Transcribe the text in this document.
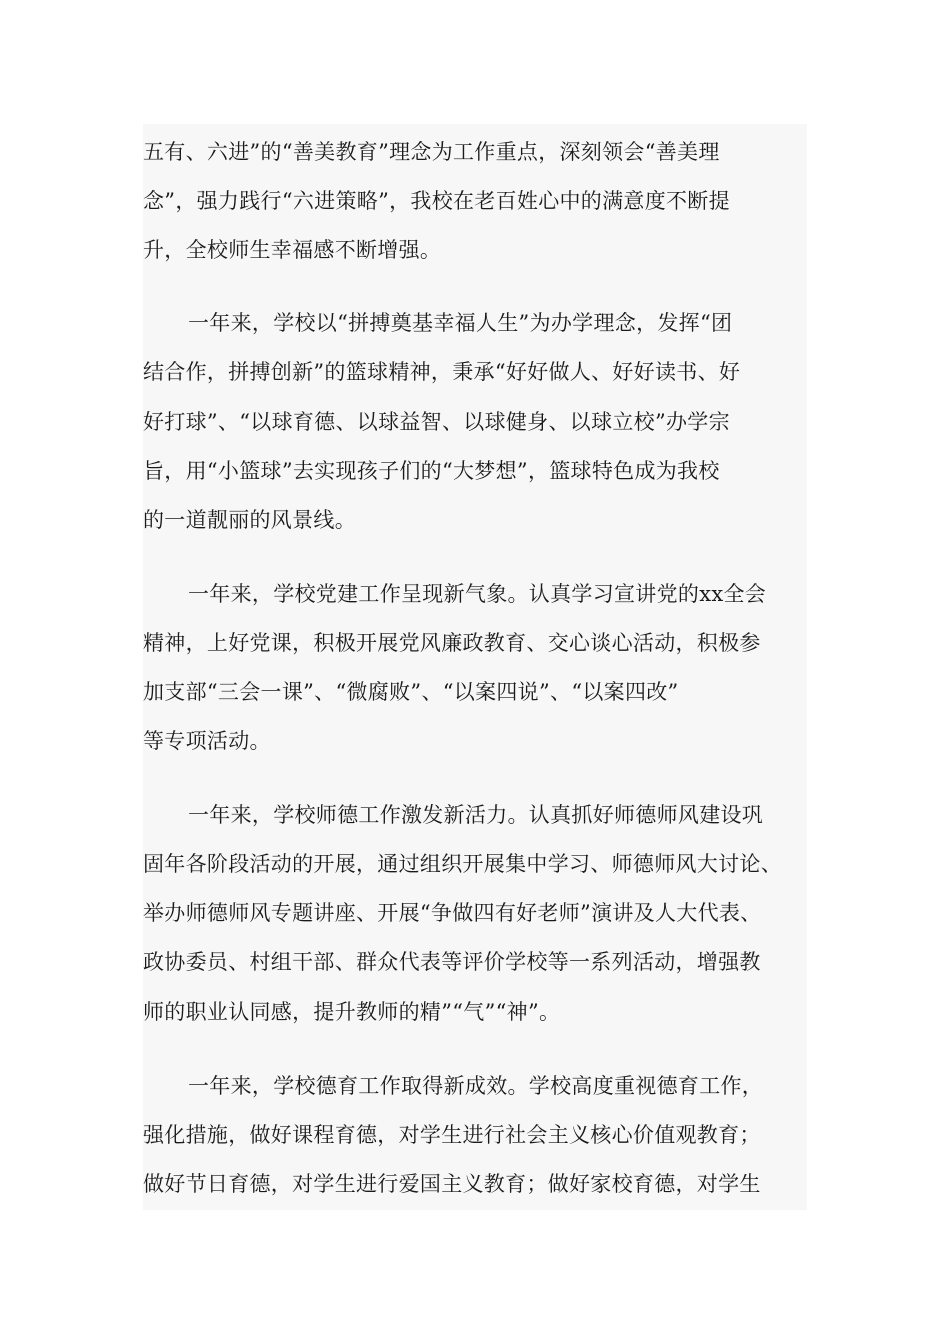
五有、六进”的“善美教育”理念为工作重点，深刻领会“善美理
念”，强力践行“六进策略”，我校在老百姓心中的满意度不断提
升，全校师生幸福感不断增强。
一年来，学校以“拼搏奠基幸福人生”为办学理念，发挥“团
结合作，拼搏创新”的篮球精神，秉承“好好做人、好好读书、好
好打球”、“以球育德、以球益智、以球健身、以球立校”办学宗
旨，用“小篮球”去实现孩子们的“大梦想”，篮球特色成为我校
的一道靓丽的风景线。
一年来，学校党建工作呈现新气象。认真学习宣讲党的xx全会
精神，上好党课，积极开展党风廉政教育、交心谈心活动，积极参
加支部“三会一课”、“微腐败”、“以案四说”、“以案四改”
等专项活动。
一年来，学校师德工作激发新活力。认真抓好师德师风建设巩
固年各阶段活动的开展，通过组织开展集中学习、师德师风大讨论、
举办师德师风专题讲座、开展“争做四有好老师”演讲及人大代表、
政协委员、村组干部、群众代表等评价学校等一系列活动，增强教
师的职业认同感，提升教师的精”“气”“神”。
一年来，学校德育工作取得新成效。学校高度重视德育工作，
强化措施，做好课程育德，对学生进行社会主义核心价值观教育；
做好节日育德，对学生进行爱国主义教育；做好家校育德，对学生
